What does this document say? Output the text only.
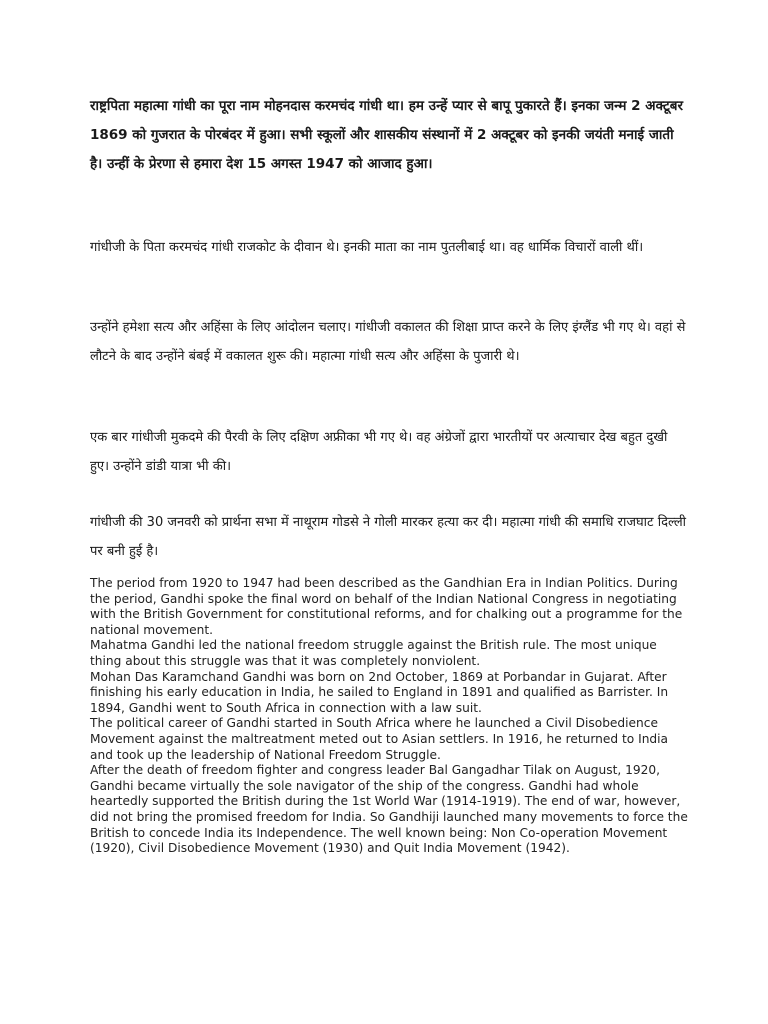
राष्ट्रपिता महात्मा गांधी का पूरा नाम मोहनदास करमचंद गांधी था। हम उन्हें प्यार से बापू पुकारते हैं। इनका जन्म 2 अक्टूबर 1869 को गुजरात के पोरबंदर में हुआ। सभी स्कूलों और शासकीय संस्थानों में 2 अक्टूबर को इनकी जयंती मनाई जाती है। उन्हीं के प्रेरणा से हमारा देश 15 अगस्त 1947 को आजाद हुआ।

गांधीजी के पिता करमचंद गांधी राजकोट के दीवान थे। इनकी माता का नाम पुतलीबाई था। वह धार्मिक विचारों वाली थीं।

उन्होंने हमेशा सत्य और अहिंसा के लिए आंदोलन चलाए। गांधीजी वकालत की शिक्षा प्राप्त करने के लिए इंग्लैंड भी गए थे। वहां से लौटने के बाद उन्होंने बंबई में वकालत शुरू की। महात्मा गांधी सत्य और अहिंसा के पुजारी थे।

एक बार गांधीजी मुकदमे की पैरवी के लिए दक्षिण अफ्रीका भी गए थे। वह अंग्रेजों द्वारा भारतीयों पर अत्याचार देख बहुत दुखी हुए। उन्होंने डांडी यात्रा भी की।

गांधीजी की 30 जनवरी को प्रार्थना सभा में नाथूराम गोडसे ने गोली मारकर हत्या कर दी। महात्मा गांधी की समाधि राजघाट दिल्ली पर बनी हुई है।

The period from 1920 to 1947 had been described as the Gandhian Era in Indian Politics. During the period, Gandhi spoke the final word on behalf of the Indian National Congress in negotiating with the British Government for constitutional reforms, and for chalking out a programme for the national movement.

Mahatma Gandhi led the national freedom struggle against the British rule. The most unique thing about this struggle was that it was completely nonviolent.

Mohan Das Karamchand Gandhi was born on 2nd October, 1869 at Porbandar in Gujarat. After finishing his early education in India, he sailed to England in 1891 and qualified as Barrister. In 1894, Gandhi went to South Africa in connection with a law suit.

The political career of Gandhi started in South Africa where he launched a Civil Disobedience Movement against the maltreatment meted out to Asian settlers. In 1916, he returned to India and took up the leadership of National Freedom Struggle.

After the death of freedom fighter and congress leader Bal Gangadhar Tilak on August, 1920, Gandhi became virtually the sole navigator of the ship of the congress. Gandhi had whole heartedly supported the British during the 1st World War (1914-1919). The end of war, however, did not bring the promised freedom for India. So Gandhiji launched many movements to force the British to concede India its Independence. The well known being: Non Co-operation Movement (1920), Civil Disobedience Movement (1930) and Quit India Movement (1942).
